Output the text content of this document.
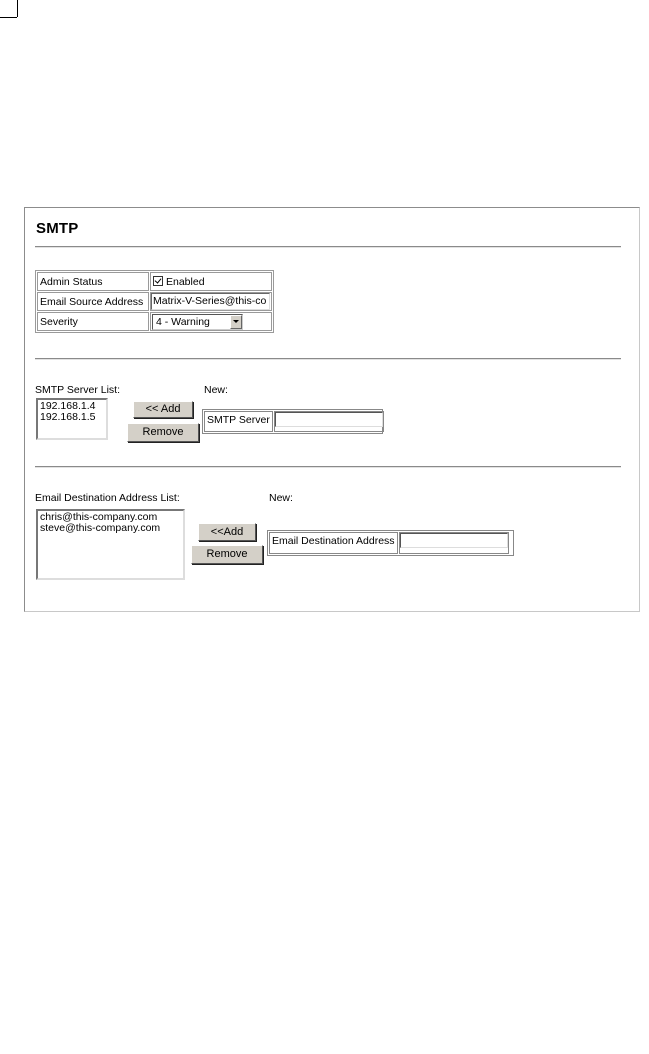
SMTP
Admin Status	Enabled
Email Source Address	Matrix-V-Series@this-co

Severity	4 - Warning
SMTP Server List:
192.168.1.4
192.168.1.5
<< Add
Remove
New:
SMTP Server
Email Destination Address List:
chris@this-company.com
steve@this-company.com	<<Add
Remove
New:
Email Destination Address
